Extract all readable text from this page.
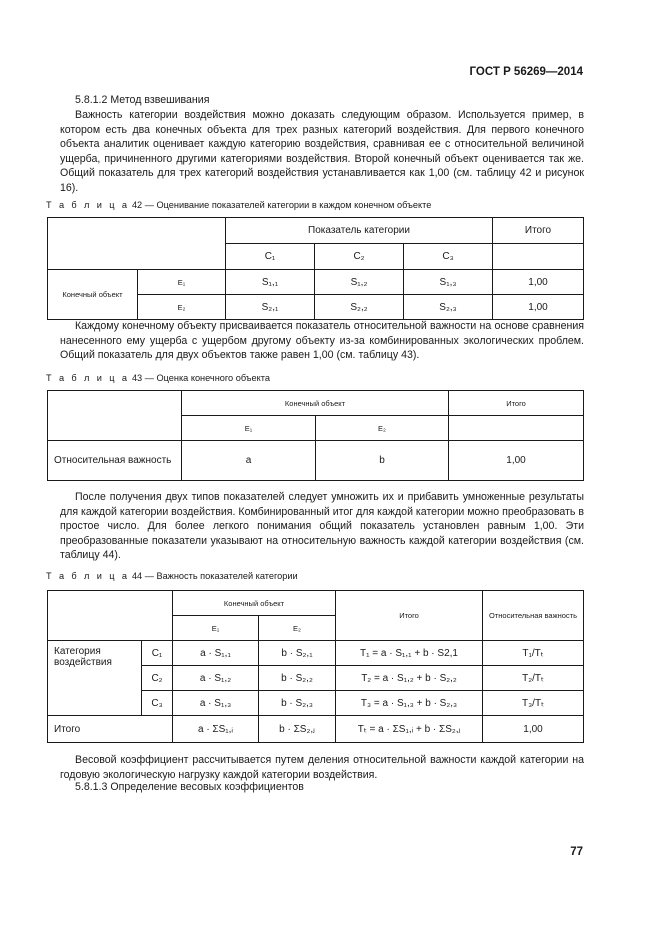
ГОСТ Р 56269—2014
5.8.1.2 Метод взвешивания

Важность категории воздействия можно доказать следующим образом. Используется пример, в котором есть два конечных объекта для трех разных категорий воздействия. Для первого конечного объекта аналитик оценивает каждую категорию воздействия, сравнивая ее с относительной величиной ущерба, причиненного другими категориями воздействия. Второй конечный объект оценивается так же. Общий показатель для трех категорий воздействия устанавливается как 1,00 (см. таблицу 42 и рисунок 16).

Т а б л и ц а 42 — Оценивание показателей категории в каждом конечном объекте
		Показатель категории			Итого
		C₁	C₂	C₃	
Конечный объект	E₁	S₁,₁	S₁,₂	S₁,₃	1,00
	E₂	S₂,₁	S₂,₂	S₂,₃	1,00

Каждому конечному объекту присваивается показатель относительной важности на основе сравнения нанесенного ему ущерба с ущербом другому объекту из-за комбинированных экологических проблем. Общий показатель для двух объектов также равен 1,00 (см. таблицу 43).

Т а б л и ц а 43 — Оценка конечного объекта
	Конечный объект		Итого
	E₁	E₂	
Относительная важность	a	b	1,00

После получения двух типов показателей следует умножить их и прибавить умноженные результаты для каждой категории воздействия. Комбинированный итог для каждой категории можно преобразовать в простое число. Для более легкого понимания общий показатель установлен равным 1,00. Эти преобразованные показатели указывают на относительную важность каждой категории воздействия (см. таблицу 44).

Т а б л и ц а 44 — Важность показателей категории
		Конечный объект		Итого	Относительная важность
		E₁	E₂		
Категория воздействия	C₁	a · S₁,₁	b · S₂,₁	T₁ = a · S₁,₁ + b · S2,1	T₁/Tₜ
	C₂	a · S₁,₂	b · S₂,₂	T₂ = a · S₁,₂ + b · S₂,₂	T₂/Tₜ
	C₃	a · S₁,₃	b · S₂,₃	T₃ = a · S₁,₃ + b · S₂,₃	T₃/Tₜ
Итого		a · ΣS₁,ᵢ	b · ΣS₂,ⱼ	Tₜ = a · ΣS₁,ᵢ + b · ΣS₂,ⱼ	1,00

Весовой коэффициент рассчитывается путем деления относительной важности каждой категории на годовую экологическую нагрузку каждой категории воздействия.

5.8.1.3 Определение весовых коэффициентов
77
